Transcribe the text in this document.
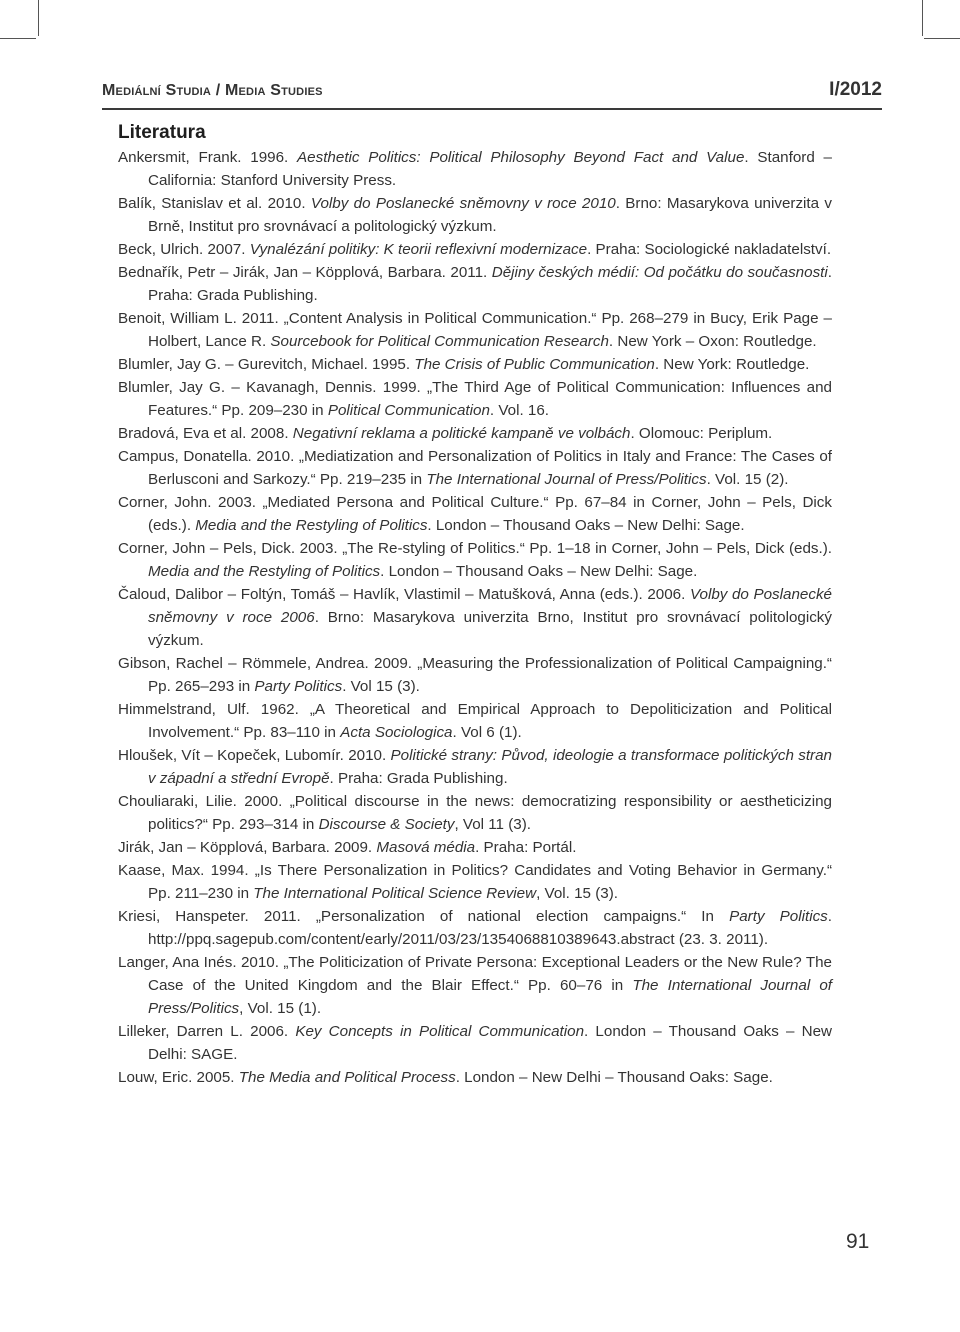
Mediální Studia / Media Studies	I/2012
Literatura
Ankersmit, Frank. 1996. Aesthetic Politics: Political Philosophy Beyond Fact and Value. Stanford – California: Stanford University Press.
Balík, Stanislav et al. 2010. Volby do Poslanecké sněmovny v roce 2010. Brno: Masarykova univerzita v Brně, Institut pro srovnávací a politologický výzkum.
Beck, Ulrich. 2007. Vynalézání politiky: K teorii reflexivní modernizace. Praha: Sociologické nakladatelství.
Bednařík, Petr – Jirák, Jan – Köpplová, Barbara. 2011. Dějiny českých médií: Od počátku do současnosti. Praha: Grada Publishing.
Benoit, William L. 2011. „Content Analysis in Political Communication.“ Pp. 268–279 in Bucy, Erik Page – Holbert, Lance R. Sourcebook for Political Communication Research. New York – Oxon: Routledge.
Blumler, Jay G. – Gurevitch, Michael. 1995. The Crisis of Public Communication. New York: Routledge.
Blumler, Jay G. – Kavanagh, Dennis. 1999. „The Third Age of Political Communication: Influences and Features.“ Pp. 209–230 in Political Communication. Vol. 16.
Bradová, Eva et al. 2008. Negativní reklama a politické kampaně ve volbách. Olomouc: Periplum.
Campus, Donatella. 2010. „Mediatization and Personalization of Politics in Italy and France: The Cases of Berlusconi and Sarkozy.“ Pp. 219–235 in The International Journal of Press/Politics. Vol. 15 (2).
Corner, John. 2003. „Mediated Persona and Political Culture.“ Pp. 67–84 in Corner, John – Pels, Dick (eds.). Media and the Restyling of Politics. London – Thousand Oaks – New Delhi: Sage.
Corner, John – Pels, Dick. 2003. „The Re-styling of Politics.“ Pp. 1–18 in Corner, John – Pels, Dick (eds.). Media and the Restyling of Politics. London – Thousand Oaks – New Delhi: Sage.
Čaloud, Dalibor – Foltýn, Tomáš – Havlík, Vlastimil – Matušková, Anna (eds.). 2006. Volby do Poslanecké sněmovny v roce 2006. Brno: Masarykova univerzita Brno, Institut pro srovnávací politologický výzkum.
Gibson, Rachel – Römmele, Andrea. 2009. „Measuring the Professionalization of Political Campaigning.“ Pp. 265–293 in Party Politics. Vol 15 (3).
Himmelstrand, Ulf. 1962. „A Theoretical and Empirical Approach to Depoliticization and Political Involvement.“ Pp. 83–110 in Acta Sociologica. Vol 6 (1).
Hloušek, Vít – Kopeček, Lubomír. 2010. Politické strany: Původ, ideologie a transformace politických stran v západní a střední Evropě. Praha: Grada Publishing.
Chouliaraki, Lilie. 2000. „Political discourse in the news: democratizing responsibility or aestheticizing politics?“ Pp. 293–314 in Discourse & Society, Vol 11 (3).
Jirák, Jan – Köpplová, Barbara. 2009. Masová média. Praha: Portál.
Kaase, Max. 1994. „Is There Personalization in Politics? Candidates and Voting Behavior in Germany.“ Pp. 211–230 in The International Political Science Review, Vol. 15 (3).
Kriesi, Hanspeter. 2011. „Personalization of national election campaigns.“ In Party Politics. http://ppq.sagepub.com/content/early/2011/03/23/1354068810389643.abstract (23. 3. 2011).
Langer, Ana Inés. 2010. „The Politicization of Private Persona: Exceptional Leaders or the New Rule? The Case of the United Kingdom and the Blair Effect.“ Pp. 60–76 in The International Journal of Press/Politics, Vol. 15 (1).
Lilleker, Darren L. 2006. Key Concepts in Political Communication. London – Thousand Oaks – New Delhi: SAGE.
Louw, Eric. 2005. The Media and Political Process. London – New Delhi – Thousand Oaks: Sage.
91
